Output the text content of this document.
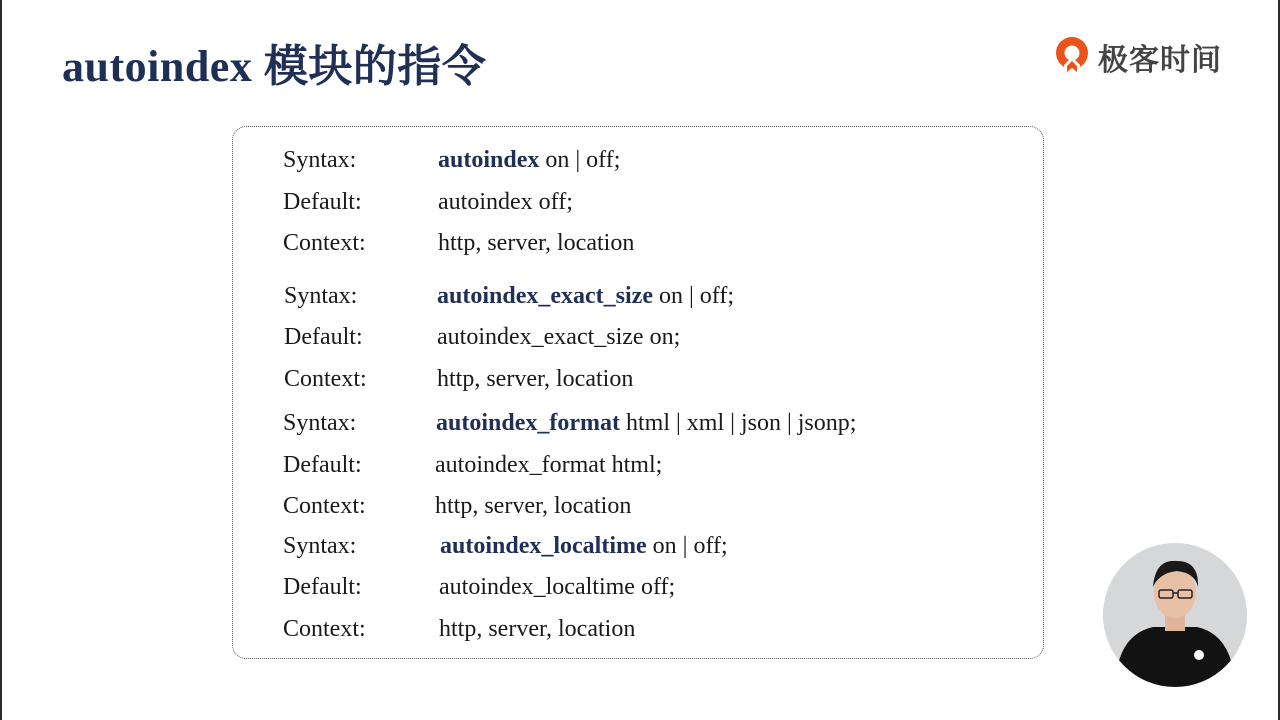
autoindex 模块的指令	极客时间
Syntax:	autoindex on | off;
Default:	autoindex off;
Context:	http, server, location
Syntax:	autoindex_exact_size on | off;
Default:	autoindex_exact_size on;
Context:	http, server, location
Syntax:	autoindex_format html | xml | json | jsonp;
Default:	autoindex_format html;
Context:	http, server, location
Syntax:	autoindex_localtime on | off;
Default:	autoindex_localtime off;
Context:	http, server, location
